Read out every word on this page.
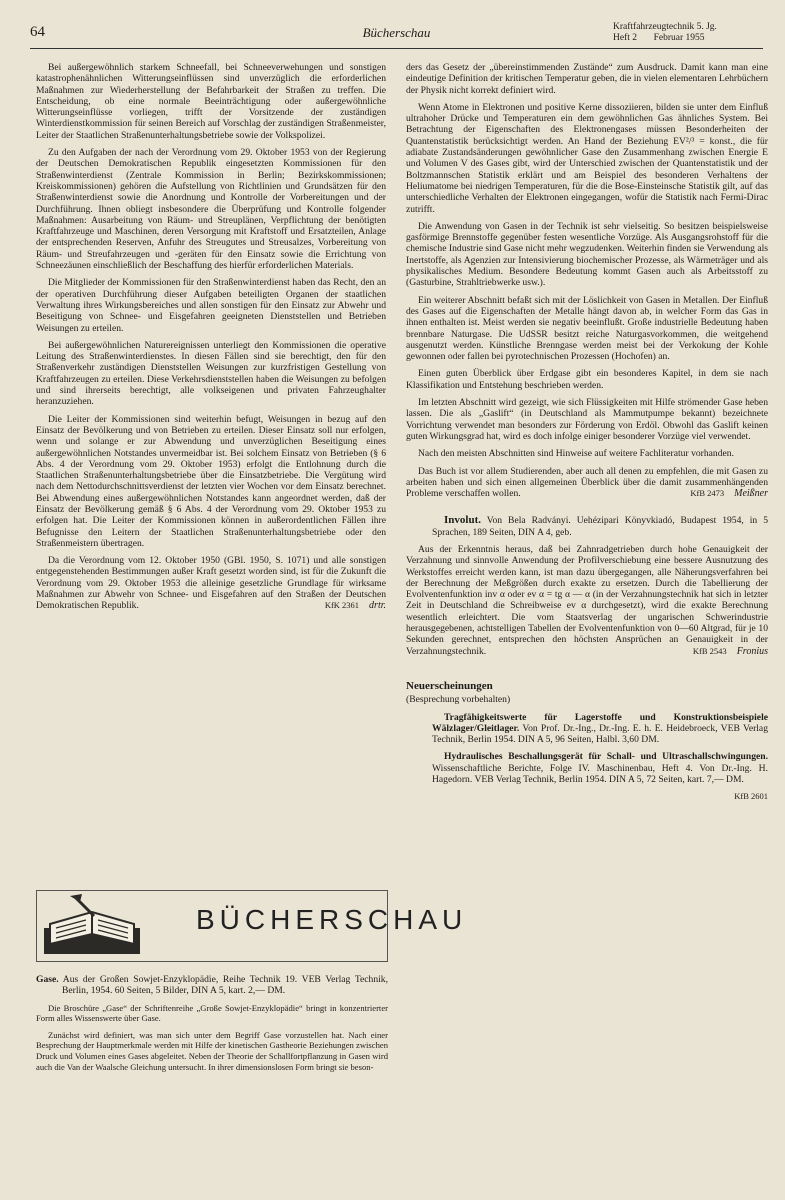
64	Bücherschau	Kraftfahrzeugtechnik 5. Jg.
Heft 2       Februar 1955

Bei außergewöhnlich starkem Schneefall, bei Schneeverwehungen und sonstigen katastrophenähnlichen Witterungseinflüssen sind unverzüglich die erforderlichen Maßnahmen zur Wiederherstellung der Befahrbarkeit der Straßen zu treffen. Die Entscheidung, ob eine normale Beeinträchtigung oder außergewöhnliche Witterungseinflüsse vorliegen, trifft der Vorsitzende der zuständigen Winterdienstkommission für seinen Bereich auf Vorschlag der zuständigen Straßenmeister, Leiter der Staatlichen Straßenunterhaltungsbetriebe sowie der Volkspolizei.

Zu den Aufgaben der nach der Verordnung vom 29. Oktober 1953 von der Regierung der Deutschen Demokratischen Republik eingesetzten Kommissionen für den Straßenwinterdienst (Zentrale Kommission in Berlin; Bezirkskommissionen; Kreiskommissionen) gehören die Aufstellung von Richtlinien und Grundsätzen für den Straßenwinterdienst sowie die Anordnung und Kontrolle der Vorbereitungen und der Durchführung. Ihnen obliegt insbesondere die Überprüfung und Kontrolle folgender Maßnahmen: Ausarbeitung von Räum- und Streuplänen, Verpflichtung der benötigten Kraftfahrzeuge und Maschinen, deren Versorgung mit Kraftstoff und Ersatzteilen, Anlage der entsprechenden Reserven, Anfuhr des Streugutes und Streusalzes, Vorbereitung von Räum- und Streufahrzeugen und -geräten für den Einsatz sowie die Errichtung von Schneezäunen einschließlich der Beschaffung des hierfür erforderlichen Materials.

Die Mitglieder der Kommissionen für den Straßenwinterdienst haben das Recht, den an der operativen Durchführung dieser Aufgaben beteiligten Organen der staatlichen Verwaltung ihres Wirkungsbereiches und allen sonstigen für den Einsatz zur Abwehr und Beseitigung von Schnee- und Eisgefahren geeigneten Dienststellen und Betrieben Weisungen zu erteilen.

Bei außergewöhnlichen Naturereignissen unterliegt den Kommissionen die operative Leitung des Straßenwinterdienstes. In diesen Fällen sind sie berechtigt, den für den Straßenverkehr zuständigen Dienststellen Weisungen zur kurzfristigen Gestellung von Kraftfahrzeugen zu erteilen. Diese Verkehrsdienststellen haben die Weisungen zu befolgen und sind ihrerseits berechtigt, alle volkseigenen und privaten Fahrzeughalter heranzuziehen.

Die Leiter der Kommissionen sind weiterhin befugt, Weisungen in bezug auf den Einsatz der Bevölkerung und von Betrieben zu erteilen. Dieser Einsatz soll nur erfolgen, wenn und solange er zur Abwendung und unverzüglichen Beseitigung eines außergewöhnlichen Notstandes unvermeidbar ist. Bei solchem Einsatz von Betrieben (§ 6 Abs. 4 der Verordnung vom 29. Oktober 1953) erfolgt die Entlohnung durch die Staatlichen Straßenunterhaltungsbetriebe über die Einsatzbetriebe. Die Vergütung wird nach dem Nettodurchschnittsverdienst der letzten vier Wochen vor dem Einsatz berechnet. Bei Abwendung eines außergewöhnlichen Notstandes kann angeordnet werden, daß der Einsatz der Bevölkerung gemäß § 6 Abs. 4 der Verordnung vom 29. Oktober 1953 zu erfolgen hat. Die Leiter der Kommissionen können in außerordentlichen Fällen ihre Befugnisse den Leitern der Staatlichen Straßenunterhaltungsbetriebe oder den Straßenmeistern übertragen.

Da die Verordnung vom 12. Oktober 1950 (GBl. 1950, S. 1071) und alle sonstigen entgegenstehenden Bestimmungen außer Kraft gesetzt worden sind, ist für die Zukunft die Verordnung vom 29. Oktober 1953 die alleinige gesetzliche Grundlage für wirksame Maßnahmen zur Abwehr von Schnee- und Eisgefahren auf den Straßen der Deutschen Demokratischen Republik.	KfK 2361 drtr.

BÜCHERSCHAU

Gase. Aus der Großen Sowjet-Enzyklopädie, Reihe Technik 19. VEB Verlag Technik, Berlin, 1954. 60 Seiten, 5 Bilder, DIN A 5, kart. 2,— DM.

Die Broschüre „Gase“ der Schriftenreihe „Große Sowjet-Enzyklopädie“ bringt in konzentrierter Form alles Wissenswerte über Gase.

Zunächst wird definiert, was man sich unter dem Begriff Gase vorzustellen hat. Nach einer Besprechung der Hauptmerkmale werden mit Hilfe der kinetischen Gastheorie Beziehungen zwischen Druck und Volumen eines Gases abgeleitet. Neben der Theorie der Schallfortpflanzung in Gasen wird auch die Van der Waalsche Gleichung untersucht. In ihrer dimensionslosen Form bringt sie beson-

ders das Gesetz der „übereinstimmenden Zustände“ zum Ausdruck. Damit kann man eine eindeutige Definition der kritischen Temperatur geben, die in vielen elementaren Lehrbüchern der Physik nicht korrekt definiert wird.

Wenn Atome in Elektronen und positive Kerne dissoziieren, bilden sie unter dem Einfluß ultrahoher Drücke und Temperaturen ein dem gewöhnlichen Gas ähnliches System. Bei Betrachtung der Eigenschaften des Elektronengases müssen Besonderheiten der Quantenstatistik berücksichtigt werden. An Hand der Beziehung EV²/³ = konst., die für adiabate Zustandsänderungen gewöhnlicher Gase den Zusammenhang zwischen Energie E und Volumen V des Gases gibt, wird der Unterschied zwischen der Quantenstatistik und der Boltzmannschen Statistik erklärt und am Beispiel des besonderen Verhaltens der Heliumatome bei niedrigen Temperaturen, für die die Bose-Einsteinsche Statistik gilt, auf das unterschiedliche Verhalten der Elektronen eingegangen, wofür die Statistik nach Fermi-Dirac zutrifft.

Die Anwendung von Gasen in der Technik ist sehr vielseitig. So besitzen beispielsweise gasförmige Brennstoffe gegenüber festen wesentliche Vorzüge. Als Ausgangsrohstoff für die chemische Industrie sind Gase nicht mehr wegzudenken. Weiterhin finden sie Verwendung als Inertstoffe, als Agenzien zur Intensivierung biochemischer Prozesse, als Wärmeträger und als physikalisches Medium. Besondere Bedeutung kommt Gasen auch als Arbeitsstoff zu (Gasturbine, Strahltriebwerke usw.).

Ein weiterer Abschnitt befaßt sich mit der Löslichkeit von Gasen in Metallen. Der Einfluß des Gases auf die Eigenschaften der Metalle hängt davon ab, in welcher Form das Gas in ihnen enthalten ist. Meist werden sie negativ beeinflußt. Große industrielle Bedeutung haben brennbare Naturgase. Die UdSSR besitzt reiche Naturgasvorkommen, die weitgehend ausgenutzt werden. Künstliche Brenngase werden meist bei der Verkokung der Kohle gewonnen oder fallen bei pyrotechnischen Prozessen (Hochofen) an.

Einen guten Überblick über Erdgase gibt ein besonderes Kapitel, in dem sie nach Klassifikation und Entstehung beschrieben werden.

Im letzten Abschnitt wird gezeigt, wie sich Flüssigkeiten mit Hilfe strömender Gase heben lassen. Die als „Gaslift“ (in Deutschland als Mammutpumpe bekannt) bezeichnete Vorrichtung verwendet man besonders zur Förderung von Erdöl. Obwohl das Gaslift keinen guten Wirkungsgrad hat, wird es doch infolge einiger besonderer Vorzüge viel verwendet.

Nach den meisten Abschnitten sind Hinweise auf weitere Fachliteratur vorhanden.

Das Buch ist vor allem Studierenden, aber auch all denen zu empfehlen, die mit Gasen zu arbeiten haben und sich einen allgemeinen Überblick über die damit zusammenhängenden Probleme verschaffen wollen.	KfB 2473 Meißner

Involut. Von Bela Radványi. Uehézipari Könyvkiadó, Budapest 1954, in 5 Sprachen, 189 Seiten, DIN A 4, geb.

Aus der Erkenntnis heraus, daß bei Zahnradgetrieben durch hohe Genauigkeit der Verzahnung und sinnvolle Anwendung der Profilverschiebung eine bessere Ausnutzung des Werkstoffes erreicht werden kann, ist man dazu übergegangen, alle Näherungsverfahren bei der Berechnung der Meßgrößen durch exakte zu ersetzen. Durch die Tabellierung der Evolventenfunktion inv α oder ev α = tg α — α (in der Verzahnungstechnik hat sich in letzter Zeit in Deutschland die Schreibweise ev α durchgesetzt), wird die exakte Berechnung wesentlich erleichtert. Die vom Staatsverlag der ungarischen Schwerindustrie herausgegebenen, achtstelligen Tabellen der Evolventenfunktion von 0—60 Altgrad, für je 10 Sekunden gerechnet, entsprechen den höchsten Ansprüchen an Genauigkeit in der Verzahnungstechnik.	KfB 2543 Fronius

Neuerscheinungen
(Besprechung vorbehalten)

Tragfähigkeitswerte für Lagerstoffe und Konstruktionsbeispiele Wälzlager/Gleitlager. Von Prof. Dr.-Ing., Dr.-Ing. E. h. E. Heidebroeck, VEB Verlag Technik, Berlin 1954. DIN A 5, 96 Seiten, Halbl. 3,60 DM.

Hydraulisches Beschallungsgerät für Schall- und Ultraschallschwingungen. Wissenschaftliche Berichte, Folge IV. Maschinenbau, Heft 4. Von Dr.-Ing. H. Hagedorn. VEB Verlag Technik, Berlin 1954. DIN A 5, 72 Seiten, kart. 7,— DM.

KfB 2601
